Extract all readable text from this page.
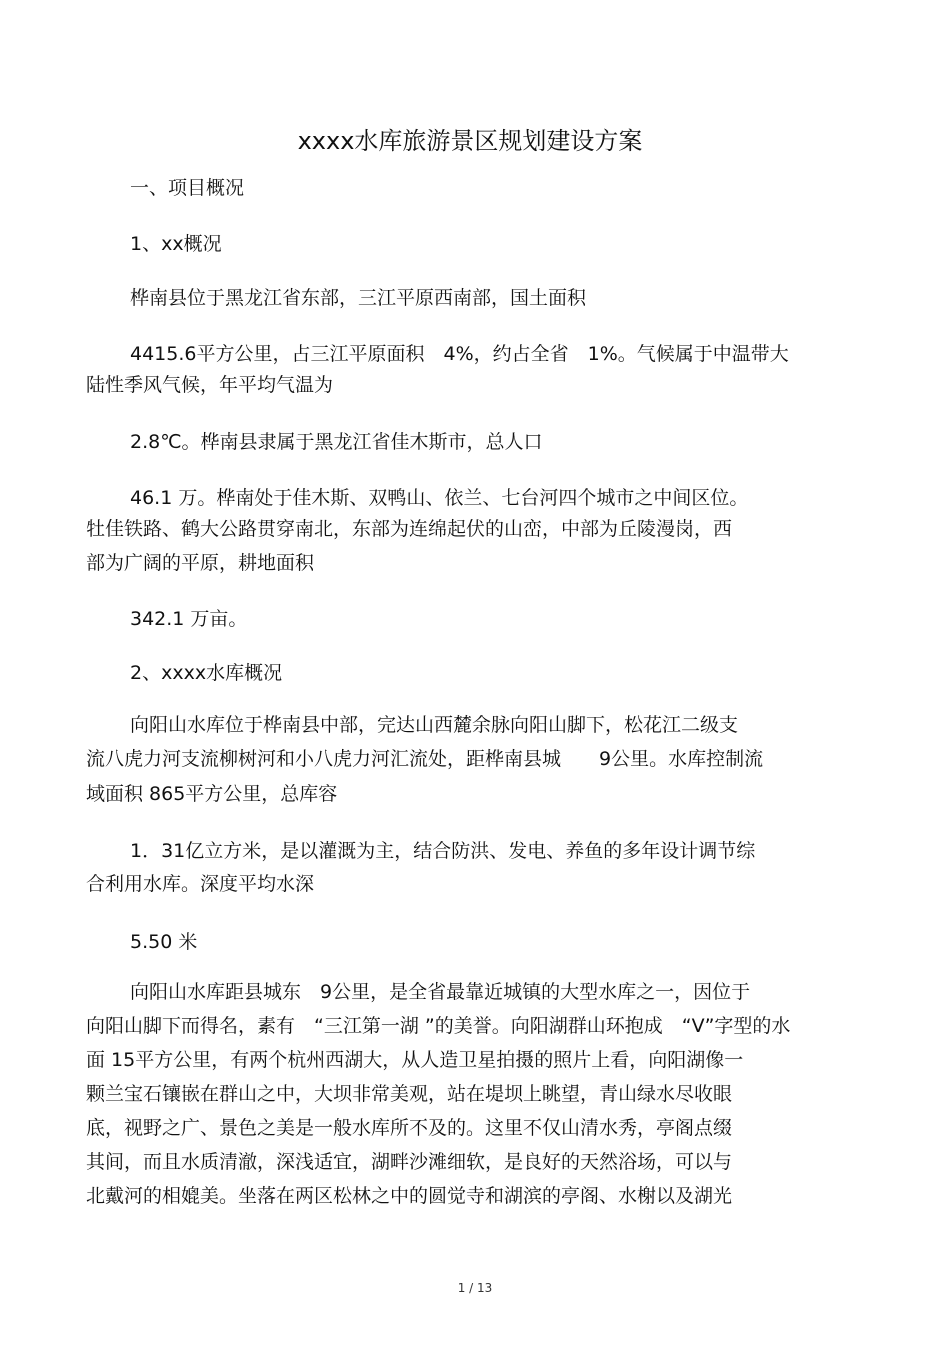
xxxx水库旅游景区规划建设方案
一、项目概况
1、xx概况
桦南县位于黑龙江省东部，三江平原西南部，国土面积
4415.6平方公里，占三江平原面积　4%，约占全省　1%。气候属于中温带大
陆性季风气候，年平均气温为
2.8℃。桦南县隶属于黑龙江省佳木斯市，总人口
46.1 万。桦南处于佳木斯、双鸭山、依兰、七台河四个城市之中间区位。
牡佳铁路、鹤大公路贯穿南北，东部为连绵起伏的山峦，中部为丘陵漫岗，西
部为广阔的平原，耕地面积
342.1 万亩。
2、xxxx水库概况
向阳山水库位于桦南县中部，完达山西麓余脉向阳山脚下，松花江二级支
流八虎力河支流柳树河和小八虎力河汇流处，距桦南县城　　9公里。水库控制流
域面积 865平方公里，总库容
1．31亿立方米，是以灌溉为主，结合防洪、发电、养鱼的多年设计调节综
合利用水库。深度平均水深
5.50 米
向阳山水库距县城东　9公里，是全省最靠近城镇的大型水库之一，因位于
向阳山脚下而得名，素有　“三江第一湖 ”的美誉。向阳湖群山环抱成　“V”字型的水
面 15平方公里，有两个杭州西湖大，从人造卫星拍摄的照片上看，向阳湖像一
颗兰宝石镶嵌在群山之中，大坝非常美观，站在堤坝上眺望，青山绿水尽收眼
底，视野之广、景色之美是一般水库所不及的。这里不仅山清水秀，亭阁点缀
其间，而且水质清澈，深浅适宜，湖畔沙滩细软，是良好的天然浴场，可以与
北戴河的相媲美。坐落在两区松林之中的圆觉寺和湖滨的亭阁、水榭以及湖光
1 / 13
